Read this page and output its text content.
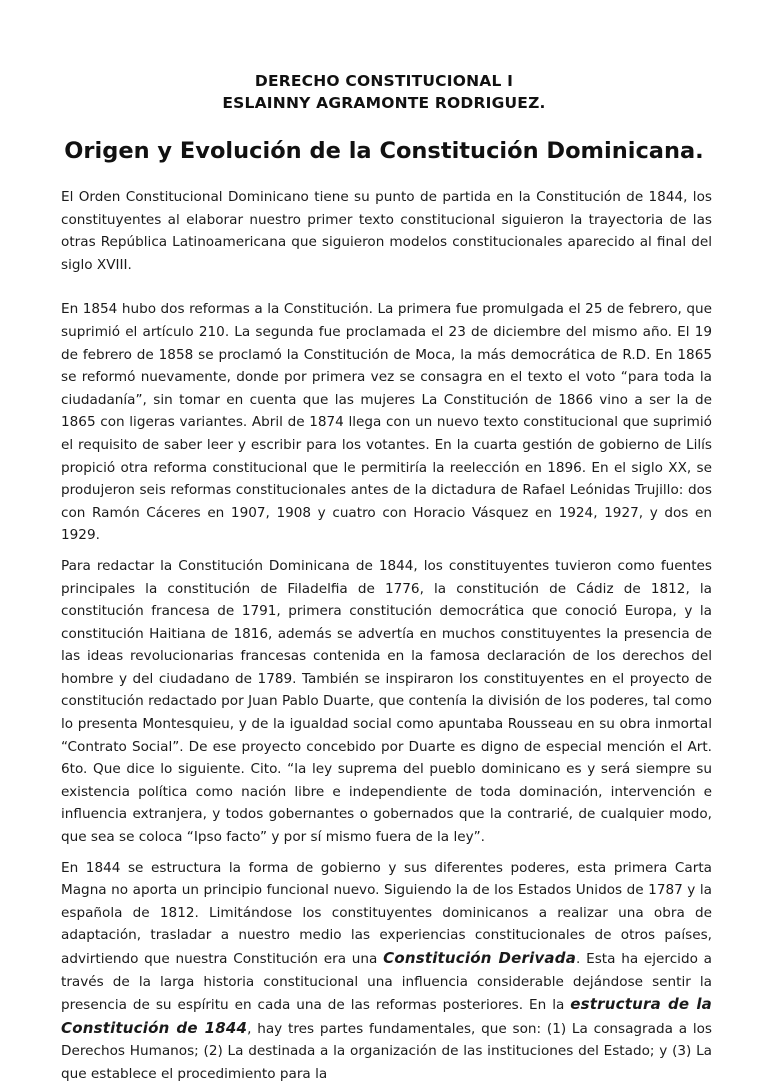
DERECHO CONSTITUCIONAL I
ESLAINNY AGRAMONTE RODRIGUEZ.
Origen y Evolución de la Constitución Dominicana.

El Orden Constitucional Dominicano tiene su punto de partida en la Constitución de 1844, los constituyentes al elaborar nuestro primer texto constitucional siguieron la trayectoria de las otras República Latinoamericana que siguieron modelos constitucionales aparecido al final del siglo XVIII.

En 1854 hubo dos reformas a la Constitución. La primera fue promulgada el 25 de febrero, que suprimió el artículo 210. La segunda fue proclamada el 23 de diciembre del mismo año. El 19 de febrero de 1858 se proclamó la Constitución de Moca, la más democrática de R.D. En 1865 se reformó nuevamente, donde por primera vez se consagra en el texto el voto “para toda la ciudadanía”, sin tomar en cuenta que las mujeres La Constitución de 1866 vino a ser la de 1865 con ligeras variantes. Abril de 1874 llega con un nuevo texto constitucional que suprimió el requisito de saber leer y escribir para los votantes. En la cuarta gestión de gobierno de Lilís propició otra reforma constitucional que le permitiría la reelección en 1896. En el siglo XX, se produjeron seis reformas constitucionales antes de la dictadura de Rafael Leónidas Trujillo: dos con Ramón Cáceres en 1907, 1908 y cuatro con Horacio Vásquez en 1924, 1927, y dos en 1929.

Para redactar la Constitución Dominicana de 1844, los constituyentes tuvieron como fuentes principales la constitución de Filadelfia de 1776, la constitución de Cádiz de 1812, la constitución francesa de 1791, primera constitución democrática que conoció Europa, y la constitución Haitiana de 1816, además se advertía en muchos constituyentes la presencia de las ideas revolucionarias francesas contenida en la famosa declaración de los derechos del hombre y del ciudadano de 1789. También se inspiraron los constituyentes en el proyecto de constitución redactado por Juan Pablo Duarte, que contenía la división de los poderes, tal como lo presenta Montesquieu, y de la igualdad social como apuntaba Rousseau en su obra inmortal “Contrato Social”. De ese proyecto concebido por Duarte es digno de especial mención el Art. 6to. Que dice lo siguiente. Cito. “la ley suprema del pueblo dominicano es y será siempre su existencia política como nación libre e independiente de toda dominación, intervención e influencia extranjera, y todos gobernantes o gobernados que la contrarié, de cualquier modo, que sea se coloca “Ipso facto” y por sí mismo fuera de la ley”.

En 1844 se estructura la forma de gobierno y sus diferentes poderes, esta primera Carta Magna no aporta un principio funcional nuevo. Siguiendo la de los Estados Unidos de 1787 y la española de 1812. Limitándose los constituyentes dominicanos a realizar una obra de adaptación, trasladar a nuestro medio las experiencias constitucionales de otros países, advirtiendo que nuestra Constitución era una Constitución Derivada. Esta ha ejercido a través de la larga historia constitucional una influencia considerable dejándose sentir la presencia de su espíritu en cada una de las reformas posteriores. En la estructura de la Constitución de 1844, hay tres partes fundamentales, que son: (1) La consagrada a los Derechos Humanos; (2) La destinada a la organización de las instituciones del Estado; y (3) La que establece el procedimiento para la
